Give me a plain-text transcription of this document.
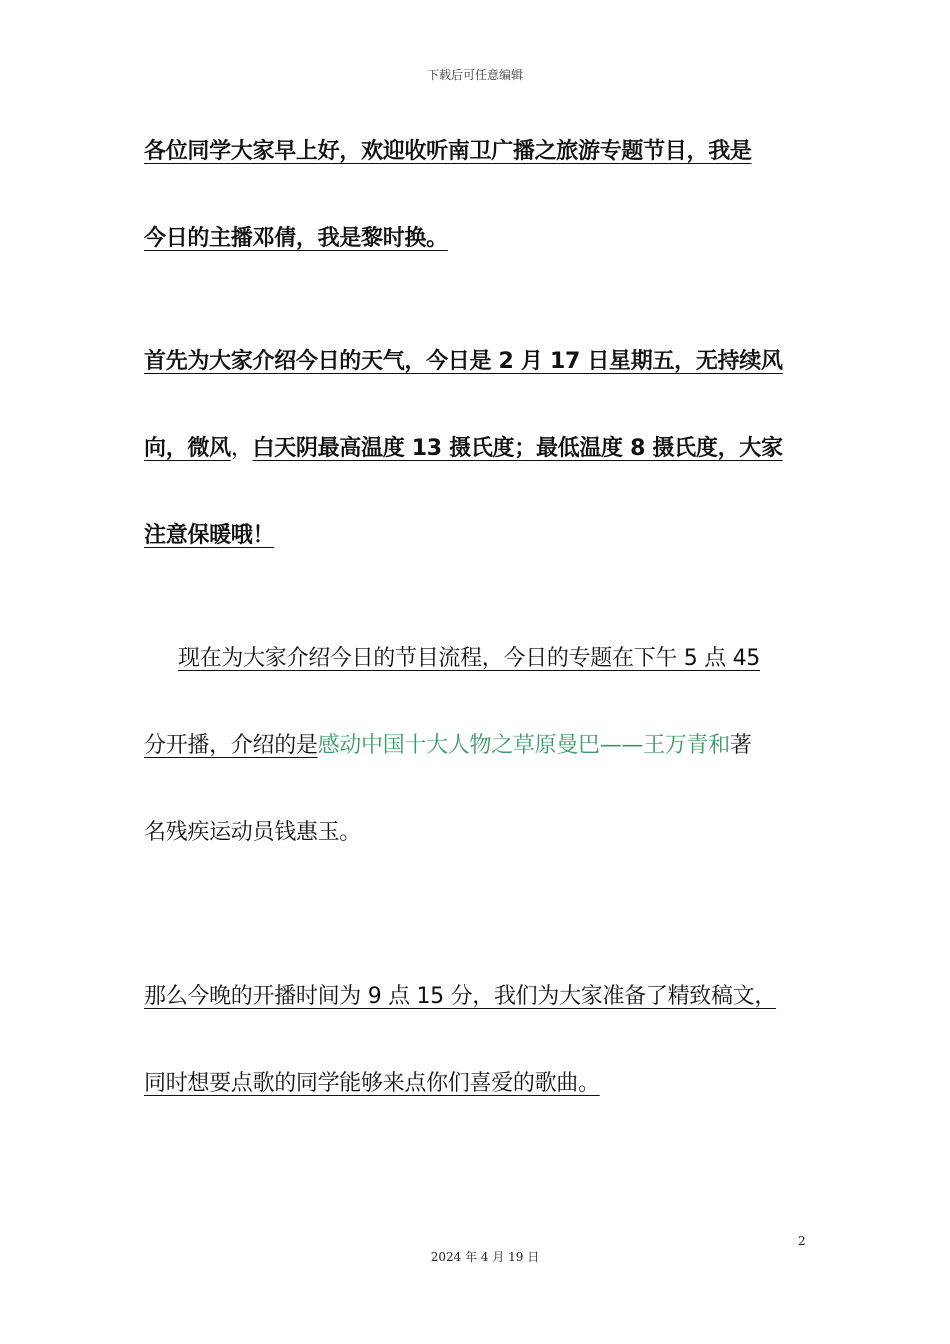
下载后可任意编辑
各位同学大家早上好，欢迎收听南卫广播之旅游专题节目，我是
今日的主播邓倩，我是黎时换。
首先为大家介绍今日的天气，今日是 2 月 17 日星期五，无持续风
向，微风，白天阴最高温度 13 摄氏度；最低温度 8 摄氏度，大家
注意保暖哦！
现在为大家介绍今日的节目流程，今日的专题在下午 5 点 45
分开播，介绍的是感动中国十大人物之草原曼巴——王万青和著
名残疾运动员钱惠玉。
那么今晚的开播时间为 9 点 15 分，我们为大家准备了精致稿文，
同时想要点歌的同学能够来点你们喜爱的歌曲。
2
2024 年 4 月 19 日
